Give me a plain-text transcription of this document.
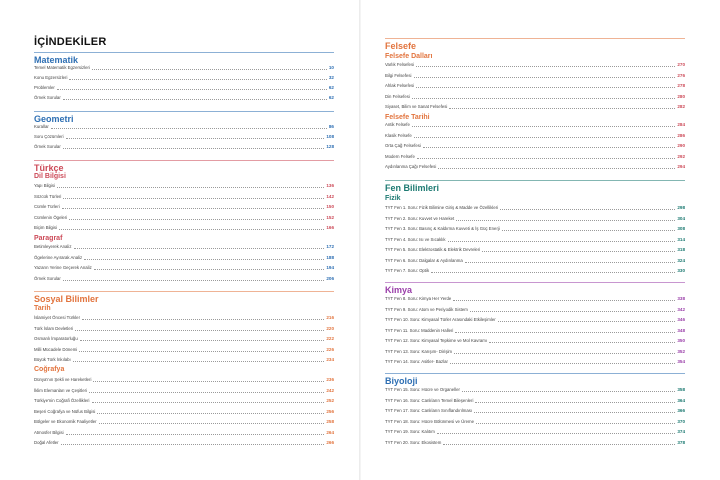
İÇİNDEKİLER
Matematik
Temel Matematik Egzersizleri	10
Konu Egzersizleri	32
Problemler	62
Örnek Sorular	62
Geometri
Kurallar	86
Soru Çözümleri	108
Örnek Sorular	128
Türkçe
Dil Bilgisi
Yapı Bilgisi	136
Sözcük Türleri	142
Cümle Türleri	150
Cümlenin Ögeleri	152
Biçim Bilgisi	166
Paragraf
Betimleyerek Analiz	172
Ögelerine Ayırarak Analiz	188
Yazarın Yerine Geçerek Analiz	194
Örnek Sorular	206
Sosyal Bilimler
Tarih
İslamiyet Öncesi Türkler	216
Türk İslam Devletleri	220
Osmanlı İmparatorluğu	222
Milli Mücadele Dönemi	226
Büyük Türk İnkılabı	234
Coğrafya
Dünya'nın Şekli ve Hareketleri	236
İklim Elemanları ve Çeşitleri	242
Türkiye'nin Coğrafi Özellikleri	252
Beşeri Coğrafya ve Nüfus Bilgisi	256
Bölgeler ve Ekonomik Faaliyetler	258
Atmosfer Bilgisi	264
Doğal Afetler	266
Felsefe
Felsefe Dalları
Varlık Felsefesi	270
Bilgi Felsefesi	276
Ahlak Felsefesi	278
Din Felsefesi	280
Siyaset, Bilim ve Sanat Felsefesi	282
Felsefe Tarihi
Antik Felsefe	284
Klasik Felsefe	286
Orta Çağ Felsefesi	290
Modern Felsefe	292
Aydınlanma Çağı Felsefesi	294
Fen Bilimleri
Fizik
TYT Fen 1. Soru: Fizik Bilimine Giriş & Madde ve Özellikleri	298
TYT Fen 2. Soru: Kuvvet ve Hareket	304
TYT Fen 3. Soru: Basınç & Kaldırma Kuvveti & İş Güç Enerji	308
TYT Fen 4. Soru: Isı ve Sıcaklık	314
TYT Fen 5. Soru: Elektrostatik & Elektrik Devreleri	318
TYT Fen 6. Soru: Dalgalar & Aydınlanma	324
TYT Fen 7. Soru: Optik	330
Kimya
TYT Fen 8. Soru: Kimya Her Yerde	338
TYT Fen 9. Soru: Atom ve Periyodik Sistem	342
TYT Fen 10. Soru: Kimyasal Türler Arasındaki Etkileşimler	346
TYT Fen 11. Soru: Maddenin Halleri	348
TYT Fen 12. Soru: Kimyasal Tepkime ve Mol Kavramı	350
TYT Fen 13. Soru: Karışım- Dirişim	352
TYT Fen 14. Soru: Asitler- Bazlar	354
Biyoloji
TYT Fen 15. Soru: Hücre ve Organeller	358
TYT Fen 16. Soru: Canlıların Temel Bileşenleri	364
TYT Fen 17. Soru: Canlıların Sınıflandırılması	366
TYT Fen 18. Soru: Hücre Bölünmesi ve Üreme	370
TYT Fen 19. Soru: Kalıtım	374
TYT Fen 20. Soru: Ekosistem	378
